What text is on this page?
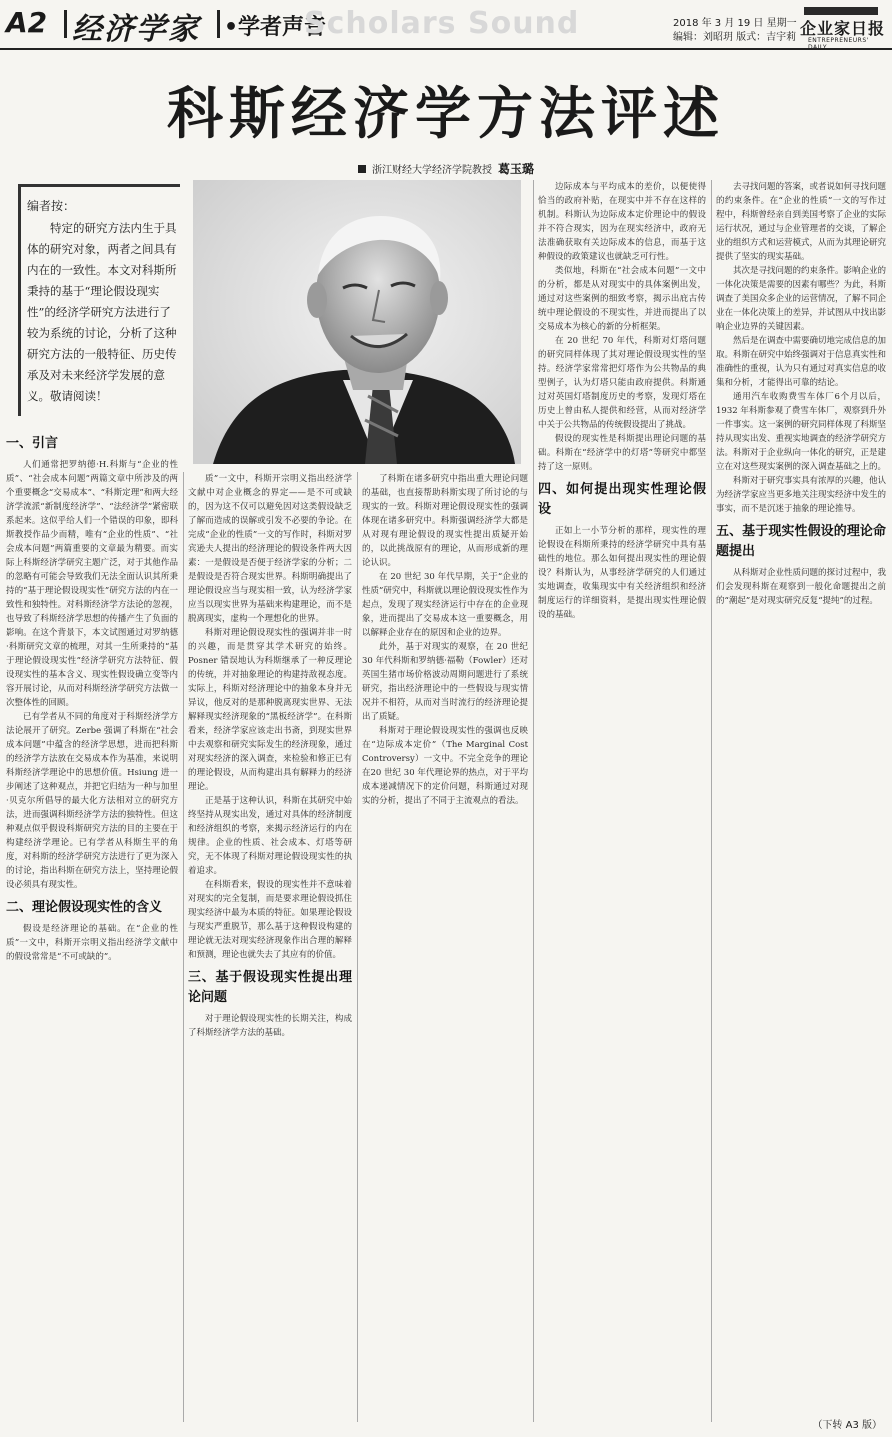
A2 经济学家 •学者声音
Scholars Sound	2018 年 3 月 19 日 星期一
编辑：刘昭玥 版式：吉宇莉 企业家日报
ENTREPRENEURS'
科斯经济学方法评述
浙江财经大学经济学院教授 葛玉璐
编者按：
特定的研究方法内生于具体的研究对象，两者之间具有内在的一致性。本文对科斯所秉持的基于“理论假设现实性”的经济学研究方法进行了较为系统的讨论，分析了这种研究方法的一般特征、历史传承及对未来经济学发展的意义。敬请阅读！
一、引言

人们通常把罗纳德·H.科斯与“企业的性质”、“社会成本问题”两篇文章中所涉及的两个重要概念“交易成本”、“科斯定理”和两大经济学流派“新制度经济学”、“法经济学”紧密联系起来。这似乎给人们一个错误的印象，即科斯教授作品少而精，唯有“企业的性质”、“社会成本问题”两篇重要的文章最为精要。而实际上科斯经济学研究主题广泛，对于其他作品的忽略有可能会导致我们无法全面认识其所秉持的“基于理论假设现实性”研究方法的内在一致性和独特性。对科斯经济学方法论的忽视，也导致了科斯经济学思想的传播产生了负面的影响。在这个背景下，本文试图通过对罗纳德·科斯研究文章的梳理，对其一生所秉持的“基于理论假设现实性”经济学研究方法特征、假设现实性的基本含义、现实性假设确立变等内容开展讨论，从而对科斯经济学研究方法做一次整体性的回顾。

已有学者从不同的角度对于科斯经济学方法论展开了研究。Zerbe 强调了科斯在“社会成本问题”中蕴含的经济学思想，进而把科斯的经济学方法放在交易成本作为基准，来说明科斯经济学理论中的思想价值。Hsiung 进一步阐述了这种观点，并把它归结为一种与加里·贝克尔所倡导的最大化方法相对立的研究方法，进而强调科斯经济学方法的独特性。但这种观点似乎假设科斯研究方法的目的主要在于构建经济学理论。已有学者从科斯生平的角度，对科斯的经济学研究方法进行了更为深入的讨论，指出科斯在研究方法上，坚持理论假设必须具有现实性。

二、理论假设现实性的含义

假设是经济理论的基础。在“企业的性质”一文中，科斯开宗明义指出经济学文献中的假设常常是“不可或缺的”。

质”一文中，科斯开宗明义指出经济学文献中对企业概念的界定——是不可或缺的，因为这不仅可以避免因对这类假设缺乏了解而造成的误解或引发不必要的争论。在完成“企业的性质”一文的写作时，科斯对罗宾逊夫人提出的经济理论的假设条件两大因素：一是假设是否便于经济学家的分析；二是假设是否符合现实世界。科斯明确提出了理论假设应当与现实相一致，认为经济学家应当以现实世界为基础来构建理论，而不是脱离现实，虚构一个理想化的世界。

科斯对理论假设现实性的强调并非一时的兴趣，而是贯穿其学术研究的始终。Posner 错误地认为科斯继承了一种反理论的传统，并对抽象理论的构建持敌视态度。实际上，科斯对经济理论中的抽象本身并无异议，他反对的是那种脱离现实世界、无法解释现实经济现象的“黑板经济学”。在科斯看来，经济学家应该走出书斋，到现实世界中去观察和研究实际发生的经济现象，通过对现实经济的深入调查，来检验和修正已有的理论假设，从而构建出具有解释力的经济理论。

正是基于这种认识，科斯在其研究中始终坚持从现实出发，通过对具体的经济制度和经济组织的考察，来揭示经济运行的内在规律。企业的性质、社会成本、灯塔等研究，无不体现了科斯对理论假设现实性的执着追求。

在科斯看来，假设的现实性并不意味着对现实的完全复制，而是要求理论假设抓住现实经济中最为本质的特征。如果理论假设与现实严重脱节，那么基于这种假设构建的理论就无法对现实经济现象作出合理的解释和预测，理论也就失去了其应有的价值。

三、基于假设现实性提出理论问题

对于理论假设现实性的长期关注，构成了科斯经济学方法的基础。

了科斯在诸多研究中指出重大理论问题的基础，也直接帮助科斯实现了所讨论的与现实的一致。科斯对理论假设现实性的强调体现在诸多研究中。科斯强调经济学大都是从对现有理论假设的现实性提出质疑开始的，以此挑战原有的理论，从而形成新的理论认识。

在 20 世纪 30 年代早期，关于“企业的性质”研究中，科斯就以理论假设现实性作为起点，发现了现实经济运行中存在的企业现象，进而提出了交易成本这一重要概念，用以解释企业存在的原因和企业的边界。

此外，基于对现实的观察，在 20 世纪 30 年代科斯和罗纳德·福勒（Fowler）还对英国生猪市场价格波动周期问题进行了系统研究，指出经济理论中的一些假设与现实情况并不相符，从而对当时流行的经济理论提出了质疑。

科斯对于理论假设现实性的强调也反映在“边际成本定价”（The Marginal Cost Controversy）一文中。不完全竞争的理论在20 世纪 30 年代理论界的热点，对于平均成本递减情况下的定价问题，科斯通过对现实的分析，提出了不同于主流观点的看法。

边际成本与平均成本的差价，以便使得恰当的政府补贴，在现实中并不存在这样的机制。科斯认为边际成本定价理论中的假设并不符合现实，因为在现实经济中，政府无法准确获取有关边际成本的信息，而基于这种假设的政策建议也就缺乏可行性。

类似地，科斯在“社会成本问题”一文中的分析，都是从对现实中的具体案例出发，通过对这些案例的细致考察，揭示出庇古传统中理论假设的不现实性，并进而提出了以交易成本为核心的新的分析框架。

在 20 世纪 70 年代，科斯对灯塔问题的研究同样体现了其对理论假设现实性的坚持。经济学家常常把灯塔作为公共物品的典型例子，认为灯塔只能由政府提供。科斯通过对英国灯塔制度历史的考察，发现灯塔在历史上曾由私人提供和经营，从而对经济学中关于公共物品的传统假设提出了挑战。

假设的现实性是科斯提出理论问题的基础。科斯在“经济学中的灯塔”等研究中都坚持了这一原则。

四、如何提出现实性理论假设

正如上一小节分析的那样，现实性的理论假设在科斯所秉持的经济学研究中具有基础性的地位。那么如何提出现实性的理论假设？科斯认为，从事经济学研究的人们通过实地调查，收集现实中有关经济组织和经济制度运行的详细资料，是提出现实性理论假设的基础。

去寻找问题的答案，或者说如何寻找问题的约束条件。在“企业的性质”一文的写作过程中，科斯曾经亲自到美国考察了企业的实际运行状况，通过与企业管理者的交谈，了解企业的组织方式和运营模式，从而为其理论研究提供了坚实的现实基础。

其次是寻找问题的约束条件。影响企业的一体化决策是需要的因素有哪些？为此，科斯调查了美国众多企业的运营情况，了解不同企业在一体化决策上的差异，并试图从中找出影响企业边界的关键因素。

然后是在调查中需要确切地完成信息的加取。科斯在研究中始终强调对于信息真实性和准确性的重视，认为只有通过对真实信息的收集和分析，才能得出可靠的结论。

通用汽车收购费雪车体厂6个月以后，1932 年科斯参观了费雪车体厂，观察到升外一件事实。这一案例的研究同样体现了科斯坚持从现实出发、重视实地调查的经济学研究方法。科斯对于企业纵向一体化的研究，正是建立在对这些现实案例的深入调查基础之上的。

科斯对于研究事实具有浓厚的兴趣，他认为经济学家应当更多地关注现实经济中发生的事实，而不是沉迷于抽象的理论推导。

五、基于现实性假设的理论命题提出

从科斯对企业性质问题的探讨过程中，我们会发现科斯在观察到一般化命题提出之前的“潮起”是对现实研究反复“提纯”的过程。

（下转 A3 版）
